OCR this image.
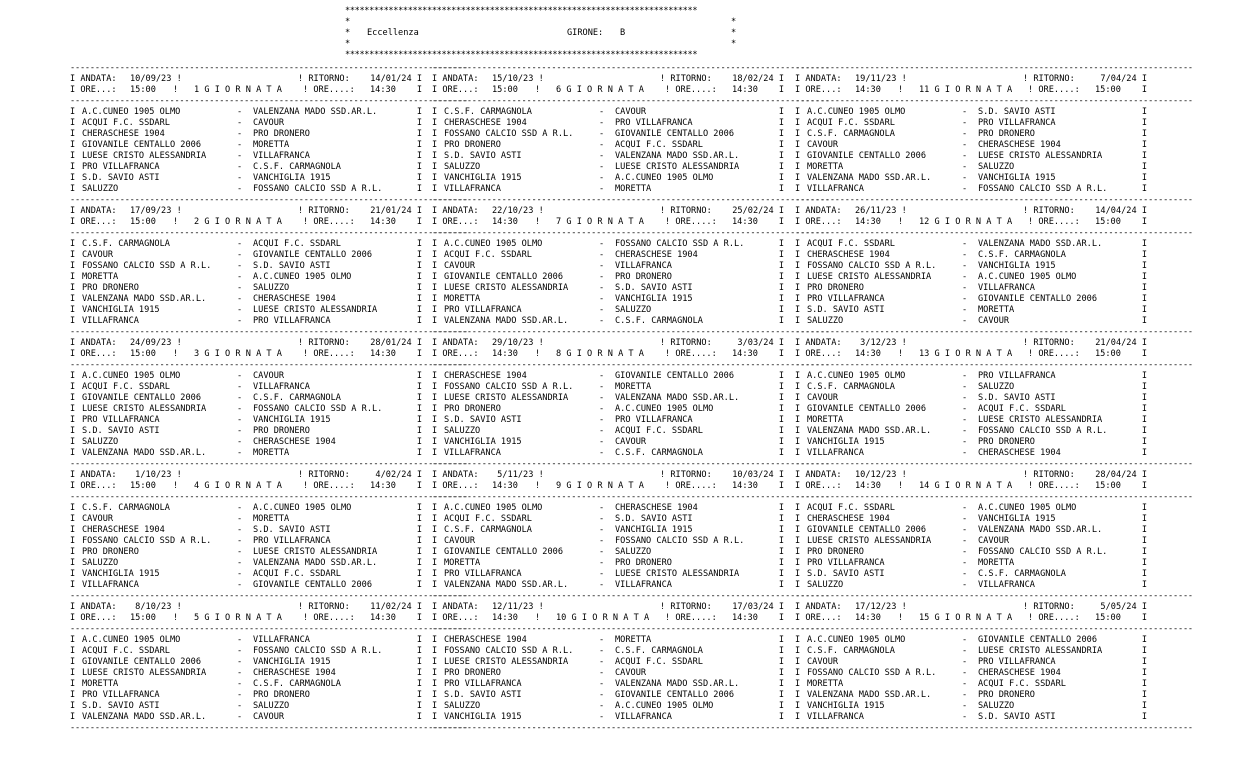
*************************************************************************

*

	*

*

Eccellenza

	GIRONE:

B

	*

*

	*

*************************************************************************
--------------------------------------------------------------------------------
I ANDATA: 10/09/23 !	! RITORNO: 14/01/24 I
I ORE...: 15:00 ! 1 G I O R N A T A ! ORE....: 14:30 I
--------------------------------------------------------------------------------
I A.C.CUNEO 1905 OLMO	- VALENZANA MADO SSD.AR.L.	I
I ACQUI F.C. SSDARL	- CAVOUR	I
I CHERASCHESE 1904	- PRO DRONERO	I
I GIOVANILE CENTALLO 2006	- MORETTA	I
I LUESE CRISTO ALESSANDRIA	- VILLAFRANCA	I
I PRO VILLAFRANCA	- C.S.F. CARMAGNOLA	I
I S.D. SAVIO ASTI	- VANCHIGLIA 1915	I
I SALUZZO	- FOSSANO CALCIO SSD A R.L.	I
--------------------------------------------------------------------------------
I ANDATA: 17/09/23 !	! RITORNO: 21/01/24 I
I ORE...: 15:00 ! 2 G I O R N A T A ! ORE....: 14:30 I
--------------------------------------------------------------------------------
I C.S.F. CARMAGNOLA	- ACQUI F.C. SSDARL	I
I CAVOUR	- GIOVANILE CENTALLO 2006	I
I FOSSANO CALCIO SSD A R.L.	- S.D. SAVIO ASTI	I
I MORETTA	- A.C.CUNEO 1905 OLMO	I
I PRO DRONERO	- SALUZZO	I
I VALENZANA MADO SSD.AR.L.	- CHERASCHESE 1904	I
I VANCHIGLIA 1915	- LUESE CRISTO ALESSANDRIA	I
I VILLAFRANCA	- PRO VILLAFRANCA	I
--------------------------------------------------------------------------------
I ANDATA: 24/09/23 !	! RITORNO: 28/01/24 I
I ORE...: 15:00 ! 3 G I O R N A T A ! ORE....: 14:30 I
--------------------------------------------------------------------------------
I A.C.CUNEO 1905 OLMO	- CAVOUR	I
I ACQUI F.C. SSDARL	- VILLAFRANCA	I
I GIOVANILE CENTALLO 2006	- C.S.F. CARMAGNOLA	I
I LUESE CRISTO ALESSANDRIA	- FOSSANO CALCIO SSD A R.L.	I
I PRO VILLAFRANCA	- VANCHIGLIA 1915	I
I S.D. SAVIO ASTI	- PRO DRONERO	I
I SALUZZO	- CHERASCHESE 1904	I
I VALENZANA MADO SSD.AR.L.	- MORETTA	I
--------------------------------------------------------------------------------
I ANDATA: 1/10/23 !	! RITORNO: 4/02/24 I
I ORE...: 15:00 ! 4 G I O R N A T A ! ORE....: 14:30 I
--------------------------------------------------------------------------------
I C.S.F. CARMAGNOLA	- A.C.CUNEO 1905 OLMO	I
I CAVOUR	- MORETTA	I
I CHERASCHESE 1904	- S.D. SAVIO ASTI	I
I FOSSANO CALCIO SSD A R.L.	- PRO VILLAFRANCA	I
I PRO DRONERO	- LUESE CRISTO ALESSANDRIA	I
I SALUZZO	- VALENZANA MADO SSD.AR.L.	I
I VANCHIGLIA 1915	- ACQUI F.C. SSDARL	I
I VILLAFRANCA	- GIOVANILE CENTALLO 2006	I
--------------------------------------------------------------------------------
I ANDATA: 8/10/23 !	! RITORNO: 11/02/24 I
I ORE...: 15:00 ! 5 G I O R N A T A ! ORE....: 14:30 I
--------------------------------------------------------------------------------
I A.C.CUNEO 1905 OLMO	- VILLAFRANCA	I
I ACQUI F.C. SSDARL	- FOSSANO CALCIO SSD A R.L.	I
I GIOVANILE CENTALLO 2006	- VANCHIGLIA 1915	I
I LUESE CRISTO ALESSANDRIA	- CHERASCHESE 1904	I
I MORETTA	- C.S.F. CARMAGNOLA	I
I PRO VILLAFRANCA	- PRO DRONERO	I
I S.D. SAVIO ASTI	- SALUZZO	I
I VALENZANA MADO SSD.AR.L.	- CAVOUR	I
--------------------------------------------------------------------------------
--------------------------------------------------------------------------------
I ANDATA: 15/10/23 !	! RITORNO: 18/02/24 I
I ORE...: 15:00 ! 6 G I O R N A T A ! ORE....: 14:30 I
--------------------------------------------------------------------------------
I C.S.F. CARMAGNOLA	- CAVOUR	I
I CHERASCHESE 1904	- PRO VILLAFRANCA	I
I FOSSANO CALCIO SSD A R.L.	- GIOVANILE CENTALLO 2006	I
I PRO DRONERO	- ACQUI F.C. SSDARL	I
I S.D. SAVIO ASTI	- VALENZANA MADO SSD.AR.L.	I
I SALUZZO	- LUESE CRISTO ALESSANDRIA	I
I VANCHIGLIA 1915	- A.C.CUNEO 1905 OLMO	I
I VILLAFRANCA	- MORETTA	I
--------------------------------------------------------------------------------
I ANDATA: 22/10/23 !	! RITORNO: 25/02/24 I
I ORE...: 14:30 ! 7 G I O R N A T A ! ORE....: 14:30 I
--------------------------------------------------------------------------------
I A.C.CUNEO 1905 OLMO	- FOSSANO CALCIO SSD A R.L.	I
I ACQUI F.C. SSDARL	- CHERASCHESE 1904	I
I CAVOUR	- VILLAFRANCA	I
I GIOVANILE CENTALLO 2006	- PRO DRONERO	I
I LUESE CRISTO ALESSANDRIA	- S.D. SAVIO ASTI	I
I MORETTA	- VANCHIGLIA 1915	I
I PRO VILLAFRANCA	- SALUZZO	I
I VALENZANA MADO SSD.AR.L.	- C.S.F. CARMAGNOLA	I
--------------------------------------------------------------------------------
I ANDATA: 29/10/23 !	! RITORNO: 3/03/24 I
I ORE...: 14:30 ! 8 G I O R N A T A ! ORE....: 14:30 I
--------------------------------------------------------------------------------
I CHERASCHESE 1904	- GIOVANILE CENTALLO 2006	I
I FOSSANO CALCIO SSD A R.L.	- MORETTA	I
I LUESE CRISTO ALESSANDRIA	- VALENZANA MADO SSD.AR.L.	I
I PRO DRONERO	- A.C.CUNEO 1905 OLMO	I
I S.D. SAVIO ASTI	- PRO VILLAFRANCA	I
I SALUZZO	- ACQUI F.C. SSDARL	I
I VANCHIGLIA 1915	- CAVOUR	I
I VILLAFRANCA	- C.S.F. CARMAGNOLA	I
--------------------------------------------------------------------------------
I ANDATA: 5/11/23 !	! RITORNO: 10/03/24 I
I ORE...: 14:30 ! 9 G I O R N A T A ! ORE....: 14:30 I
--------------------------------------------------------------------------------
I A.C.CUNEO 1905 OLMO	- CHERASCHESE 1904	I
I ACQUI F.C. SSDARL	- S.D. SAVIO ASTI	I
I C.S.F. CARMAGNOLA	- VANCHIGLIA 1915	I
I CAVOUR	- FOSSANO CALCIO SSD A R.L.	I
I GIOVANILE CENTALLO 2006	- SALUZZO	I
I MORETTA	- PRO DRONERO	I
I PRO VILLAFRANCA	- LUESE CRISTO ALESSANDRIA	I
I VALENZANA MADO SSD.AR.L.	- VILLAFRANCA	I
--------------------------------------------------------------------------------
I ANDATA: 12/11/23 !	! RITORNO: 17/03/24 I
I ORE...: 14:30 ! 10 G I O R N A T A ! ORE....: 14:30 I
--------------------------------------------------------------------------------
I CHERASCHESE 1904	- MORETTA	I
I FOSSANO CALCIO SSD A R.L.	- C.S.F. CARMAGNOLA	I
I LUESE CRISTO ALESSANDRIA	- ACQUI F.C. SSDARL	I
I PRO DRONERO	- CAVOUR	I
I PRO VILLAFRANCA	- VALENZANA MADO SSD.AR.L.	I
I S.D. SAVIO ASTI	- GIOVANILE CENTALLO 2006	I
I SALUZZO	- A.C.CUNEO 1905 OLMO	I
I VANCHIGLIA 1915	- VILLAFRANCA	I
--------------------------------------------------------------------------------
--------------------------------------------------------------------------------
I ANDATA: 19/11/23 !	! RITORNO: 7/04/24 I
I ORE...: 14:30 ! 11 G I O R N A T A ! ORE....: 15:00 I
--------------------------------------------------------------------------------
I A.C.CUNEO 1905 OLMO	- S.D. SAVIO ASTI	I
I ACQUI F.C. SSDARL	- PRO VILLAFRANCA	I
I C.S.F. CARMAGNOLA	- PRO DRONERO	I
I CAVOUR	- CHERASCHESE 1904	I
I GIOVANILE CENTALLO 2006	- LUESE CRISTO ALESSANDRIA	I
I MORETTA	- SALUZZO	I
I VALENZANA MADO SSD.AR.L.	- VANCHIGLIA 1915	I
I VILLAFRANCA	- FOSSANO CALCIO SSD A R.L.	I
--------------------------------------------------------------------------------
I ANDATA: 26/11/23 !	! RITORNO: 14/04/24 I
I ORE...: 14:30 ! 12 G I O R N A T A ! ORE....: 15:00 I
--------------------------------------------------------------------------------
I ACQUI F.C. SSDARL	- VALENZANA MADO SSD.AR.L.	I
I CHERASCHESE 1904	- C.S.F. CARMAGNOLA	I
I FOSSANO CALCIO SSD A R.L.	- VANCHIGLIA 1915	I
I LUESE CRISTO ALESSANDRIA	- A.C.CUNEO 1905 OLMO	I
I PRO DRONERO	- VILLAFRANCA	I
I PRO VILLAFRANCA	- GIOVANILE CENTALLO 2006	I
I S.D. SAVIO ASTI	- MORETTA	I
I SALUZZO	- CAVOUR	I
--------------------------------------------------------------------------------
I ANDATA: 3/12/23 !	! RITORNO: 21/04/24 I
I ORE...: 14:30 ! 13 G I O R N A T A ! ORE....: 15:00 I
--------------------------------------------------------------------------------
I A.C.CUNEO 1905 OLMO	- PRO VILLAFRANCA	I
I C.S.F. CARMAGNOLA	- SALUZZO	I
I CAVOUR	- S.D. SAVIO ASTI	I
I GIOVANILE CENTALLO 2006	- ACQUI F.C. SSDARL	I
I MORETTA	- LUESE CRISTO ALESSANDRIA	I
I VALENZANA MADO SSD.AR.L.	- FOSSANO CALCIO SSD A R.L.	I
I VANCHIGLIA 1915	- PRO DRONERO	I
I VILLAFRANCA	- CHERASCHESE 1904	I
--------------------------------------------------------------------------------
I ANDATA: 10/12/23 !	! RITORNO: 28/04/24 I
I ORE...: 14:30 ! 14 G I O R N A T A ! ORE....: 15:00 I
--------------------------------------------------------------------------------
I ACQUI F.C. SSDARL	- A.C.CUNEO 1905 OLMO	I
I CHERASCHESE 1904	- VANCHIGLIA 1915	I
I GIOVANILE CENTALLO 2006	- VALENZANA MADO SSD.AR.L.	I
I LUESE CRISTO ALESSANDRIA	- CAVOUR	I
I PRO DRONERO	- FOSSANO CALCIO SSD A R.L.	I
I PRO VILLAFRANCA	- MORETTA	I
I S.D. SAVIO ASTI	- C.S.F. CARMAGNOLA	I
I SALUZZO	- VILLAFRANCA	I
--------------------------------------------------------------------------------
I ANDATA: 17/12/23 !	! RITORNO: 5/05/24 I
I ORE...: 14:30 ! 15 G I O R N A T A ! ORE....: 15:00 I
--------------------------------------------------------------------------------
I A.C.CUNEO 1905 OLMO	- GIOVANILE CENTALLO 2006	I
I C.S.F. CARMAGNOLA	- LUESE CRISTO ALESSANDRIA	I
I CAVOUR	- PRO VILLAFRANCA	I
I FOSSANO CALCIO SSD A R.L.	- CHERASCHESE 1904	I
I MORETTA	- ACQUI F.C. SSDARL	I
I VALENZANA MADO SSD.AR.L.	- PRO DRONERO	I
I VANCHIGLIA 1915	- SALUZZO	I
I VILLAFRANCA	- S.D. SAVIO ASTI	I
--------------------------------------------------------------------------------
